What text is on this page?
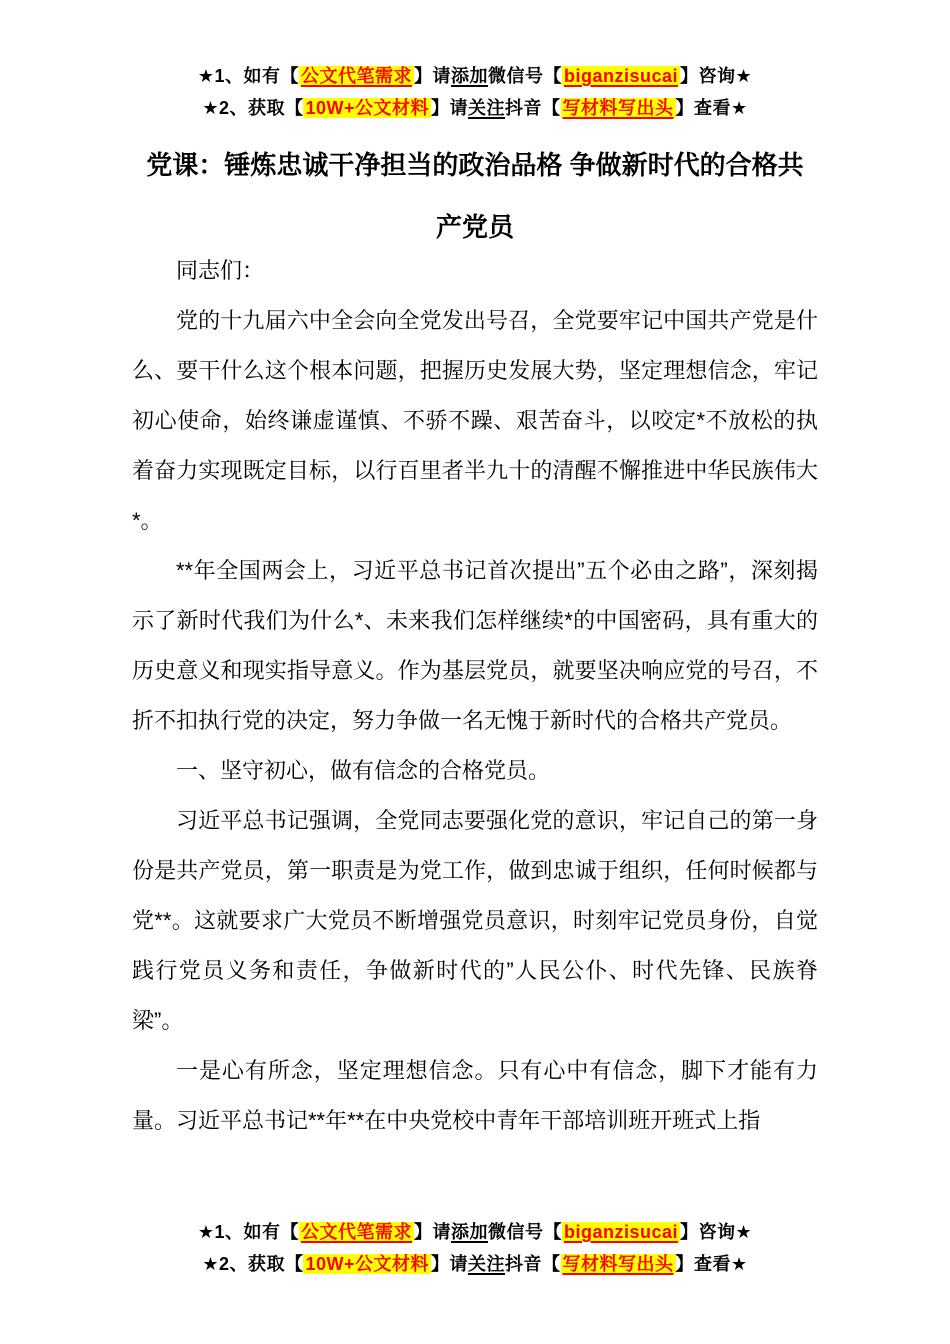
★1、如有【 公文代笔需求 】请添加微信号【 biganzisucai 】咨询★
★2、获取【 10W+公文材料 】请关注抖音【 写材料写出头 】查看★
党课：锤炼忠诚干净担当的政治品格 争做新时代的合格共产党员

同志们：

党的十九届六中全会向全党发出号召，全党要牢记中国共产党是什么、要干什么这个根本问题，把握历史发展大势，坚定理想信念，牢记初心使命，始终谦虚谨慎、不骄不躁、艰苦奋斗，以咬定*不放松的执着奋力实现既定目标，以行百里者半九十的清醒不懈推进中华民族伟大*。

**年全国两会上，习近平总书记首次提出”五个必由之路”，深刻揭示了新时代我们为什么*、未来我们怎样继续*的中国密码，具有重大的历史意义和现实指导意义。作为基层党员，就要坚决响应党的号召，不折不扣执行党的决定，努力争做一名无愧于新时代的合格共产党员。

一、坚守初心，做有信念的合格党员。

习近平总书记强调，全党同志要强化党的意识，牢记自己的第一身份是共产党员，第一职责是为党工作，做到忠诚于组织，任何时候都与党**。这就要求广大党员不断增强党员意识，时刻牢记党员身份，自觉践行党员义务和责任，争做新时代的”人民公仆、时代先锋、民族脊梁”。

一是心有所念，坚定理想信念。只有心中有信念，脚下才能有力量。习近平总书记**年**在中央党校中青年干部培训班开班式上指

★1、如有【 公文代笔需求 】请添加微信号【 biganzisucai 】咨询★
★2、获取【 10W+公文材料 】请关注抖音【 写材料写出头 】查看★
